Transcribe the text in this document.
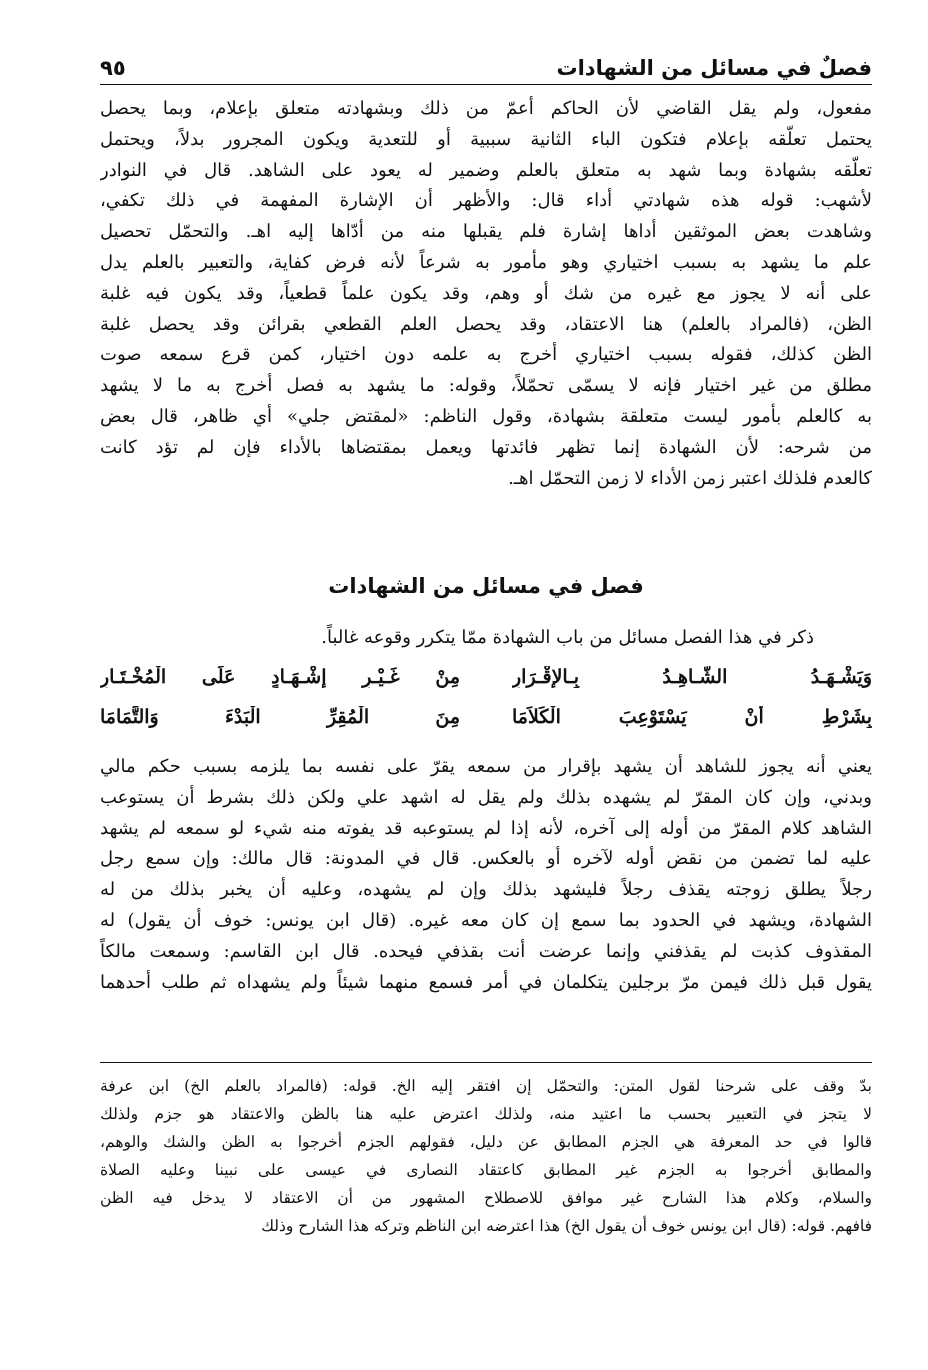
فصلٌ في مسائل من الشهادات
٩٥
مفعول، ولم يقل القاضي لأن الحاكم أعمّ من ذلك وبشهادته متعلق بإعلام، وبما يحصل
يحتمل تعلّقه بإعلام فتكون الباء الثانية سببية أو للتعدية ويكون المجرور بدلاً، ويحتمل
تعلّقه بشهادة وبما شهد به متعلق بالعلم وضمير له يعود على الشاهد. قال في النوادر
لأشهب: قوله هذه شهادتي أداء قال: والأظهر أن الإشارة المفهمة في ذلك تكفي،
وشاهدت بعض الموثقين أداها إشارة فلم يقبلها منه من أدّاها إليه اهـ. والتحمّل تحصيل
علم ما يشهد به بسبب اختياري وهو مأمور به شرعاً لأنه فرض كفاية، والتعبير بالعلم يدل
على أنه لا يجوز مع غيره من شك أو وهم، وقد يكون علماً قطعياً، وقد يكون فيه غلبة
الظن، (فالمراد بالعلم) هنا الاعتقاد، وقد يحصل العلم القطعي بقرائن وقد يحصل غلبة
الظن كذلك، فقوله بسبب اختياري أخرج به علمه دون اختيار، كمن قرع سمعه صوت
مطلق من غير اختيار فإنه لا يسمّى تحمّلاً، وقوله: ما يشهد به فصل أخرج به ما لا يشهد
به كالعلم بأمور ليست متعلقة بشهادة، وقول الناظم: «لمقتض جلي» أي ظاهر، قال بعض
من شرحه: لأن الشهادة إنما تظهر فائدتها ويعمل بمقتضاها بالأداء فإن لم تؤد كانت
كالعدم فلذلك اعتبر زمن الأداء لا زمن التحمّل اهـ.
فصل في مسائل من الشهادات
ذكر في هذا الفصل مسائل من باب الشهادة ممّا يتكرر وقوعه غالباً.
وَيَشْـهَـدُ الشَّـاهِـدُ بِـالإِقْـرَارِ
مِنْ غَـيْـرِ إِشْـهَـادٍ عَلَى الْمُخْـتَـارِ
بِشَرْطِ أَنْ يَسْتَوْعِبَ الْكَلاَمَا
مِنَ الْمُقِرِّ الْبَدْءَ وَالتَّمَامَا
يعني أنه يجوز للشاهد أن يشهد بإقرار من سمعه يقرّ على نفسه بما يلزمه بسبب حكم مالي
وبدني، وإن كان المقرّ لم يشهده بذلك ولم يقل له اشهد علي ولكن ذلك بشرط أن يستوعب
الشاهد كلام المقرّ من أوله إلى آخره، لأنه إذا لم يستوعبه قد يفوته منه شيء لو سمعه لم يشهد
عليه لما تضمن من نقض أوله لآخره أو بالعكس. قال في المدونة: قال مالك: وإن سمع رجل
رجلاً يطلق زوجته يقذف رجلاً فليشهد بذلك وإن لم يشهده، وعليه أن يخبر بذلك من له
الشهادة، ويشهد في الحدود بما سمع إن كان معه غيره. (قال ابن يونس: خوف أن يقول) له
المقذوف كذبت لم يقذفني وإنما عرضت أنت بقذفي فيحده. قال ابن القاسم: وسمعت مالكاً
يقول قبل ذلك فيمن مرّ برجلين يتكلمان في أمر فسمع منهما شيئاً ولم يشهداه ثم طلب أحدهما
بدّ وقف على شرحنا لقول المتن: والتحمّل إن افتقر إليه الخ. قوله: (فالمراد بالعلم الخ) ابن عرفة
لا يتجز في التعبير بحسب ما اعتيد منه، ولذلك اعترض عليه هنا بالظن والاعتقاد هو جزم ولذلك
قالوا في حد المعرفة هي الجزم المطابق عن دليل، فقولهم الجزم أخرجوا به الظن والشك والوهم،
والمطابق أخرجوا به الجزم غير المطابق كاعتقاد النصارى في عيسى على نبينا وعليه الصلاة
والسلام، وكلام هذا الشارح غير موافق للاصطلاح المشهور من أن الاعتقاد لا يدخل فيه الظن
فافهم. قوله: (قال ابن يونس خوف أن يقول الخ) هذا اعترضه ابن الناظم وتركه هذا الشارح وذلك
